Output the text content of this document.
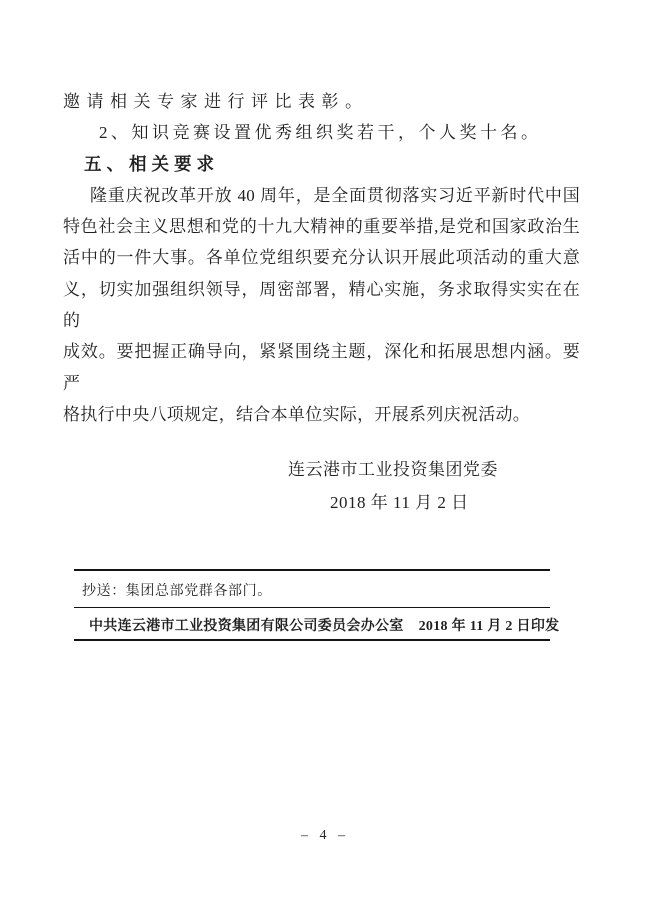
邀请相关专家进行评比表彰。
2、知识竞赛设置优秀组织奖若干，个人奖十名。
五、相关要求
隆重庆祝改革开放 40 周年，是全面贯彻落实习近平新时代中国
特色社会主义思想和党的十九大精神的重要举措,是党和国家政治生
活中的一件大事。各单位党组织要充分认识开展此项活动的重大意
义，切实加强组织领导，周密部署，精心实施，务求取得实实在在的
成效。要把握正确导向，紧紧围绕主题，深化和拓展思想内涵。要严
格执行中央八项规定，结合本单位实际，开展系列庆祝活动。
连云港市工业投资集团党委
2018 年 11 月 2 日
抄送：集团总部党群各部门。
中共连云港市工业投资集团有限公司委员会办公室 2018 年 11 月 2 日印发
– 4 –
